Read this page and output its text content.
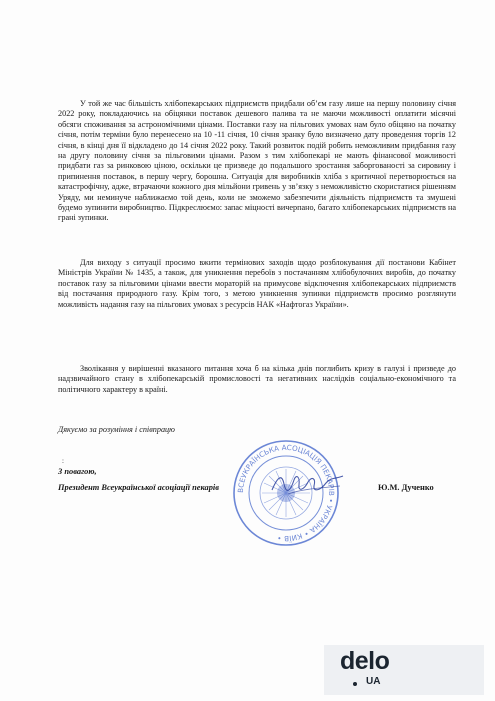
У той же час більшість хлібопекарських підприємств придбали об’єм газу лише на першу половину січня 2022 року, покладаючись на обіцянки поставок дешевого палива та не маючи можливості оплатити місячні обсяги споживання за астрономічними цінами. Поставки газу на пільгових умовах нам було обіцяно на початку січня, потім терміни було перенесено на 10 -11 січня, 10 січня зранку було визначено дату проведення торгів 12 січня, в кінці дня її відкладено до 14 січня 2022 року. Такий розвиток подій робить неможливим придбання газу на другу половину січня за пільговими цінами. Разом з тим хлібопекарі не мають фінансової можливості придбати газ за ринковою ціною, оскільки це призведе до подальшого зростання заборгованості за сировину і припинення поставок, в першу чергу, борошна. Ситуація для виробників хліба з критичної перетворюється на катастрофічну, адже, втрачаючи кожного дня мільйони гривень у зв’язку з неможливістю скористатися рішенням Уряду, ми неминуче наближаємо той день, коли не зможемо забезпечити діяльність підприємств та змушені будемо зупинити виробництво. Підкреслюємо: запас міцності вичерпано, багато хлібопекарських підприємств на грані зупинки.

Для виходу з ситуації просимо вжити термінових заходів щодо розблокування дії постанови Кабінет Міністрів України № 1435, а також, для уникнення перебоїв з постачанням хлібобулочних виробів, до початку поставок газу за пільговими цінами ввести мораторій на примусове відключення хлібопекарських підприємств від постачання природного газу. Крім того, з метою уникнення зупинки підприємств просимо розглянути можливість надання газу на пільгових умовах з ресурсів НАК «Нафтогаз України».

Зволікання у вирішенні вказаного питання хоча б на кілька днів поглибить кризу в галузі і призведе до надзвичайного стану в хлібопекарській промисловості та негативних наслідків соціально-економічного та політичного характеру в країні.

Дякуємо за розуміння і співпрацю
З повагою,
:
Президент Всеукраїнської асоціації пекарів	Ю.М. Дученко
ВСЕУКРАЇНСЬКА АСОЦІАЦІЯ ПЕКАРІВ • УКРАЇНА • КИЇВ •
delo
UA
